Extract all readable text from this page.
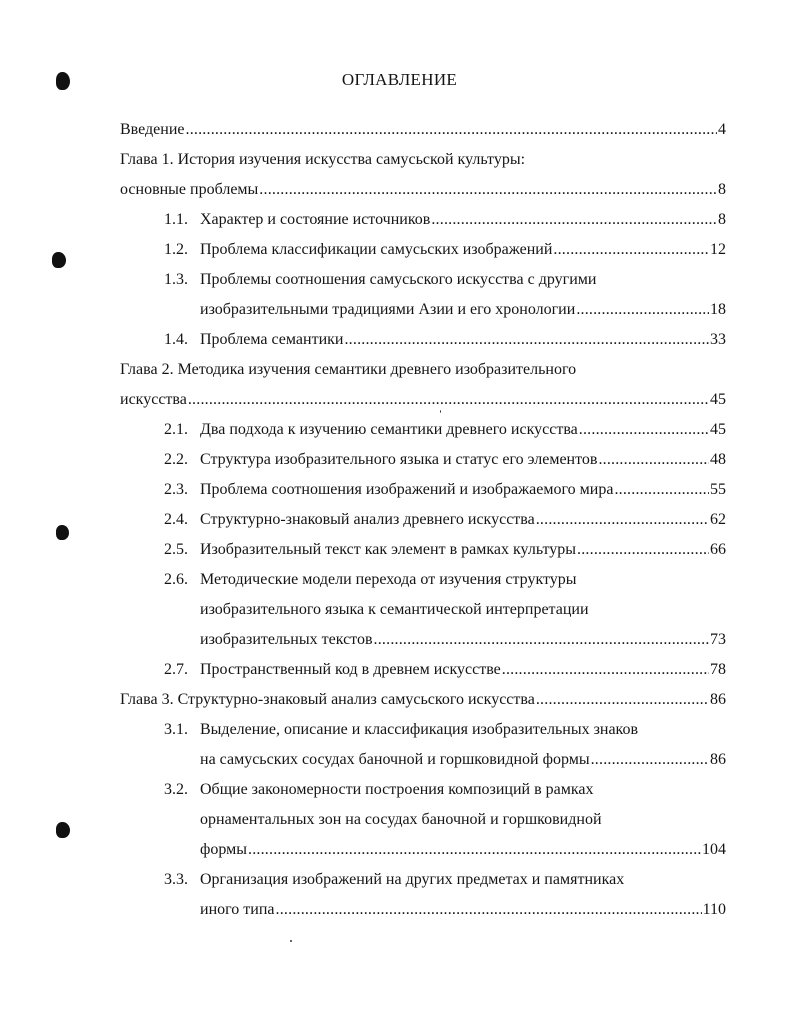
ОГЛАВЛЕНИЕ
Введение .....	4
Глава 1. История изучения искусства самусьской культуры:
основные проблемы .....	8
1.1. Характер и состояние источников .....	8
1.2. Проблема классификации самусьских изображений .....	12
1.3. Проблемы соотношения самусьского искусства с другими
изобразительными традициями Азии и его хронологии .....	18
1.4. Проблема семантики .....	33
Глава 2. Методика изучения семантики древнего изобразительного
искусства .....	45
2.1. Два подхода к изучению семантики древнего искусства .....	45
2.2. Структура изобразительного языка и статус его элементов .....	48
2.3. Проблема соотношения изображений и изображаемого мира .....	55
2.4. Структурно-знаковый анализ древнего искусства .....	62
2.5. Изобразительный текст как элемент в рамках культуры .....	66
2.6. Методические модели перехода от изучения структуры
изобразительного языка к семантической интерпретации
изобразительных текстов .....	73
2.7. Пространственный код в древнем искусстве .....	78
Глава 3. Структурно-знаковый анализ самусьского искусства .....	86
3.1. Выделение, описание и классификация изобразительных знаков
на самусьских сосудах баночной и горшковидной формы .....	86
3.2. Общие закономерности построения композиций в рамках
орнаментальных зон на сосудах баночной и горшковидной
формы .....	104
3.3. Организация изображений на других предметах и памятниках
иного типа .....	110
